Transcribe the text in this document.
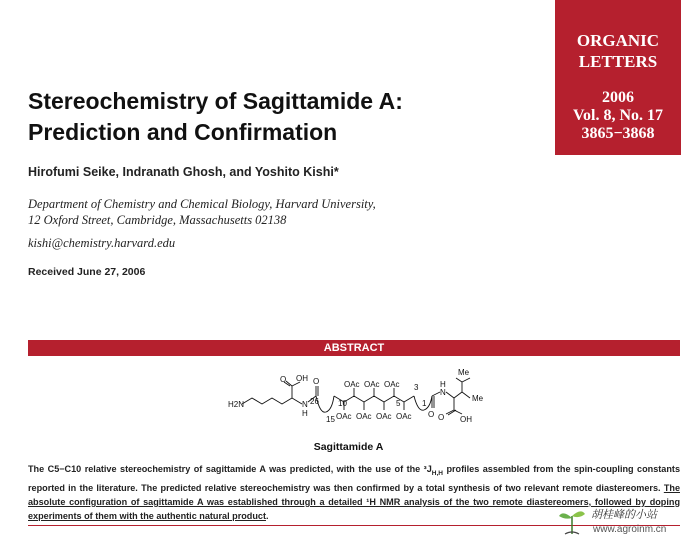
ORGANIC
LETTERS
2006
Vol. 8, No. 17
3865−3868
Stereochemistry of Sagittamide A:
Prediction and Confirmation
Hirofumi Seike, Indranath Ghosh, and Yoshito Kishi*
Department of Chemistry and Chemical Biology, Harvard University,
12 Oxford Street, Cambridge, Massachusetts 02138
kishi@chemistry.harvard.edu
Received June 27, 2006
ABSTRACT
H2N
OH
O
N
H
O
26
15
10	5
3
1
OAc OAc OAc
OAc OAc OAc OAc O
N
H
Me
Me
O OH
Sagittamide A
The C5−C10 relative stereochemistry of sagittamide A was predicted, with the use of the $^3J_{H,H}$ profiles assembled from the spin-coupling constants reported in the literature. The predicted relative stereochemistry was then confirmed by a total synthesis of two relevant remote diastereomers. The absolute configuration of sagittamide A was established through a detailed ¹H NMR analysis of the two remote diastereomers, followed by doping experiments of them with the authentic natural product.	胡桂峰的小站
www.agroinm.cn
